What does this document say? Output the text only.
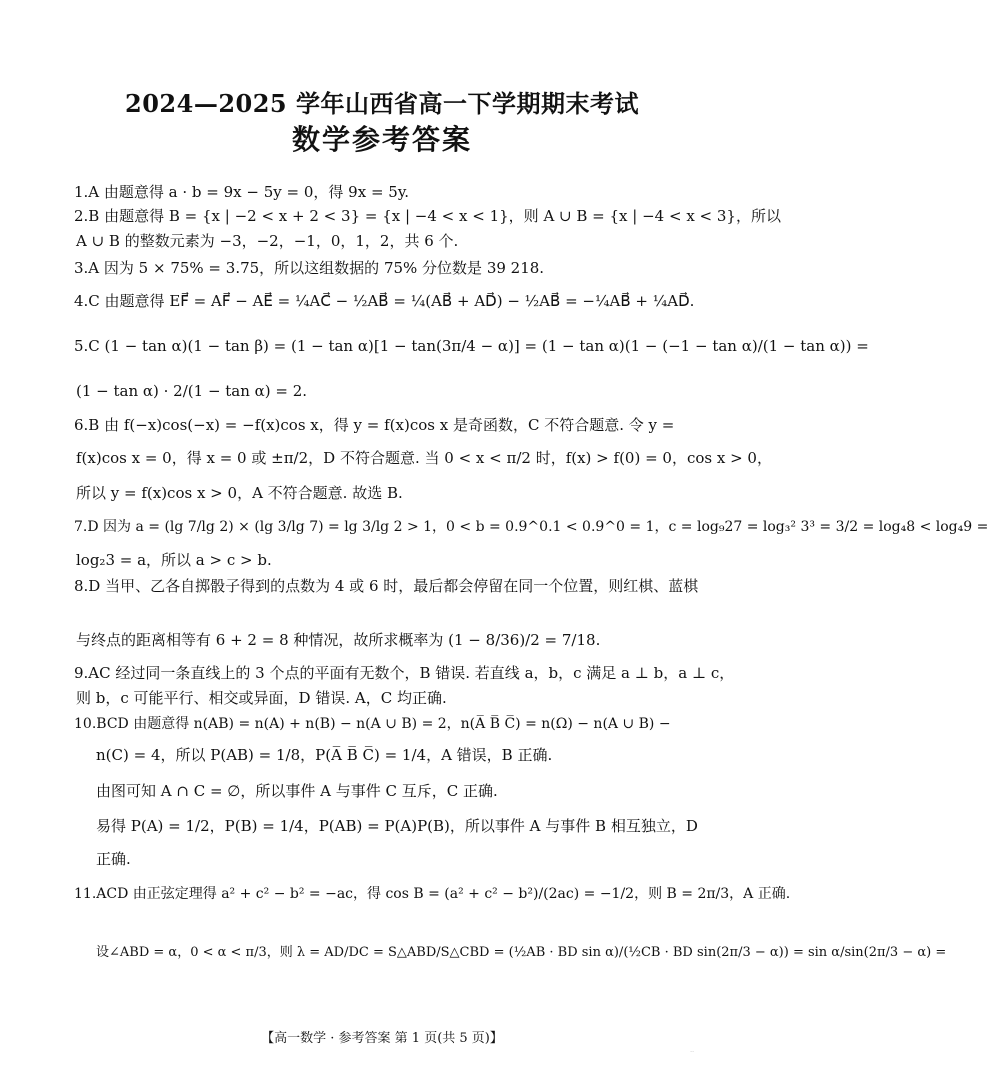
2024—2025 学年山西省高一下学期期末考试
数学参考答案
1.A 由题意得 a · b = 9x − 5y = 0，得 9x = 5y.
2.B 由题意得 B = {x | −2 < x + 2 < 3} = {x | −4 < x < 1}，则 A ∪ B = {x | −4 < x < 3}，所以
A ∪ B 的整数元素为 −3，−2，−1，0，1，2，共 6 个.
3.A 因为 5 × 75% = 3.75，所以这组数据的 75% 分位数是 39 218.
4.C 由题意得 EF⃗ = AF⃗ − AE⃗ = ¼AC⃗ − ½AB⃗ = ¼(AB⃗ + AD⃗) − ½AB⃗ = −¼AB⃗ + ¼AD⃗.
5.C (1 − tan α)(1 − tan β) = (1 − tan α)[1 − tan(3π/4 − α)] = (1 − tan α)(1 − (−1 − tan α)/(1 − tan α)) =
(1 − tan α) · 2/(1 − tan α) = 2.
6.B 由 f(−x)cos(−x) = −f(x)cos x，得 y = f(x)cos x 是奇函数，C 不符合题意. 令 y =
f(x)cos x = 0，得 x = 0 或 ±π/2，D 不符合题意. 当 0 < x < π/2 时，f(x) > f(0) = 0，cos x > 0，
所以 y = f(x)cos x > 0，A 不符合题意. 故选 B.
7.D 因为 a = (lg 7/lg 2) × (lg 3/lg 7) = lg 3/lg 2 > 1，0 < b = 0.9^0.1 < 0.9^0 = 1，c = log₉27 = log₃² 3³ = 3/2 = log₄8 < log₄9 =
log₂3 = a，所以 a > c > b.
8.D 当甲、乙各自掷骰子得到的点数为 4 或 6 时，最后都会停留在同一个位置，则红棋、蓝棋
与终点的距离相等有 6 + 2 = 8 种情况，故所求概率为 (1 − 8/36)/2 = 7/18.
9.AC 经过同一条直线上的 3 个点的平面有无数个，B 错误. 若直线 a，b，c 满足 a ⊥ b，a ⊥ c，
则 b，c 可能平行、相交或异面，D 错误. A，C 均正确.
10.BCD 由题意得 n(AB) = n(A) + n(B) − n(A ∪ B) = 2，n(A̅ B̅ C̅) = n(Ω) − n(A ∪ B) −
n(C) = 4，所以 P(AB) = 1/8，P(A̅ B̅ C̅) = 1/4，A 错误，B 正确.
由图可知 A ∩ C = ∅，所以事件 A 与事件 C 互斥，C 正确.
易得 P(A) = 1/2，P(B) = 1/4，P(AB) = P(A)P(B)，所以事件 A 与事件 B 相互独立，D
正确.
11.ACD 由正弦定理得 a² + c² − b² = −ac，得 cos B = (a² + c² − b²)/(2ac) = −1/2，则 B = 2π/3，A 正确.
设∠ABD = α，0 < α < π/3，则 λ = AD/DC = S△ABD/S△CBD = (½AB · BD sin α)/(½CB · BD sin(2π/3 − α)) = sin α/sin(2π/3 − α) =
【高一数学 · 参考答案 第 1 页(共 5 页)】
..
